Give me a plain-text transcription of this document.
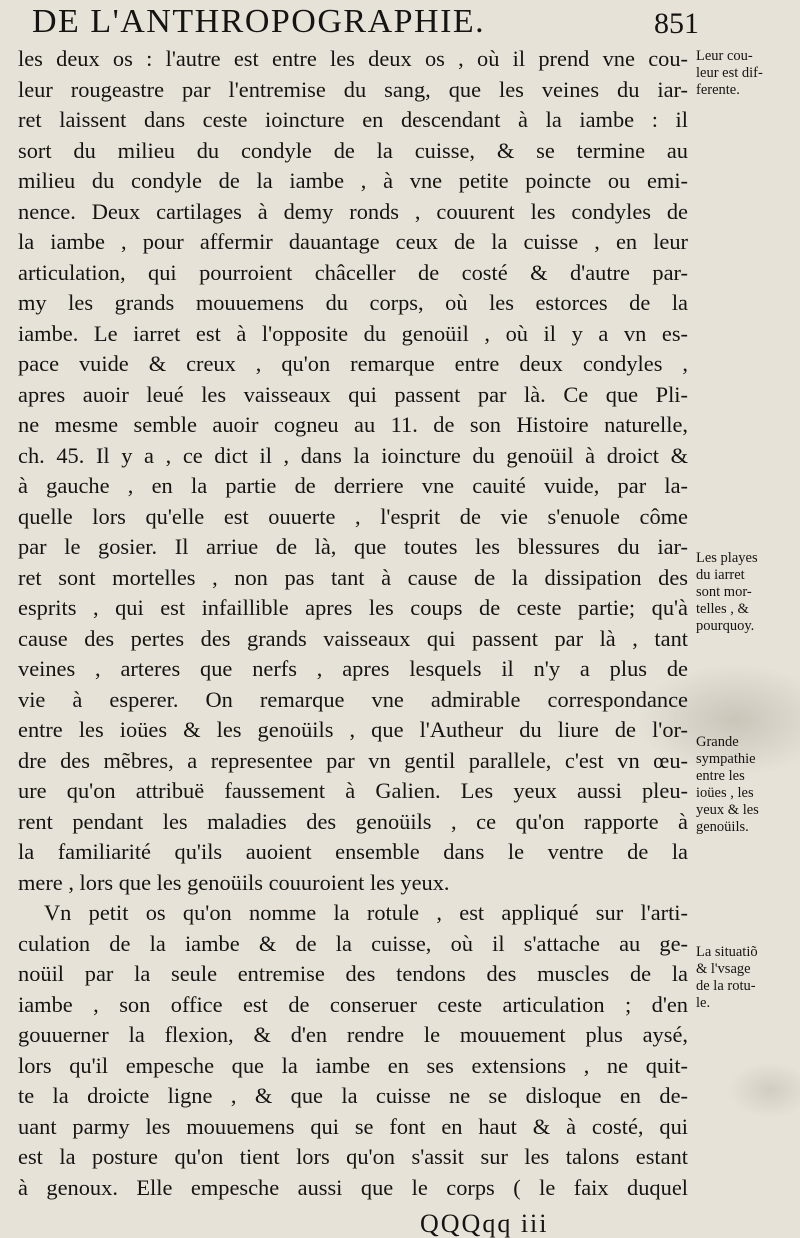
DE L'ANTHROPOGRAPHIE.	851
les deux os : l'autre est entre les deux os , où il prend vne cou-
leur rougeastre par l'entremise du sang, que les veines du iar-
ret laissent dans ceste ioincture en descendant à la iambe : il
sort du milieu du condyle de la cuisse, & se termine au
milieu du condyle de la iambe , à vne petite poincte ou emi-
nence. Deux cartilages à demy ronds , couurent les condyles de
la iambe , pour affermir dauantage ceux de la cuisse , en leur
articulation, qui pourroient châceller de costé & d'autre par-
my les grands mouuemens du corps, où les estorces de la
iambe. Le iarret est à l'opposite du genoüil , où il y a vn es-
pace vuide & creux , qu'on remarque entre deux condyles ,
apres auoir leué les vaisseaux qui passent par là. Ce que Pli-
ne mesme semble auoir cogneu au 11. de son Histoire naturelle,
ch. 45. Il y a , ce dict il , dans la ioincture du genoüil à droict &
à gauche , en la partie de derriere vne cauité vuide, par la-
quelle lors qu'elle est ouuerte , l'esprit de vie s'enuole côme
par le gosier. Il arriue de là, que toutes les blessures du iar-
ret sont mortelles , non pas tant à cause de la dissipation des
esprits , qui est infaillible apres les coups de ceste partie; qu'à
cause des pertes des grands vaisseaux qui passent par là , tant
veines , arteres que nerfs , apres lesquels il n'y a plus de
vie à esperer. On remarque vne admirable correspondance
entre les ioües & les genoüils , que l'Autheur du liure de l'or-
dre des mẽbres, a representee par vn gentil parallele, c'est vn œu-
ure qu'on attribuë faussement à Galien. Les yeux aussi pleu-
rent pendant les maladies des genoüils , ce qu'on rapporte à
la familiarité qu'ils auoient ensemble dans le ventre de la
mere , lors que les genoüils couuroient les yeux.
Vn petit os qu'on nomme la rotule , est appliqué sur l'arti-
culation de la iambe & de la cuisse, où il s'attache au ge-
noüil par la seule entremise des tendons des muscles de la
iambe , son office est de conseruer ceste articulation ; d'en
gouuerner la flexion, & d'en rendre le mouuement plus aysé,
lors qu'il empesche que la iambe en ses extensions , ne quit-
te la droicte ligne , & que la cuisse ne se disloque en de-
uant parmy les mouuemens qui se font en haut & à costé, qui
est la posture qu'on tient lors qu'on s'assit sur les talons estant
à genoux. Elle empesche aussi que le corps ( le faix duquel
Leur cou-
leur est dif-
ferente.
Les playes
du iarret
sont mor-
telles , &
pourquoy.
Grande
sympathie
entre les
ioües , les
yeux & les
genoüils.
La situatiõ
& l'vsage
de la rotu-
le.
QQQqq iii
